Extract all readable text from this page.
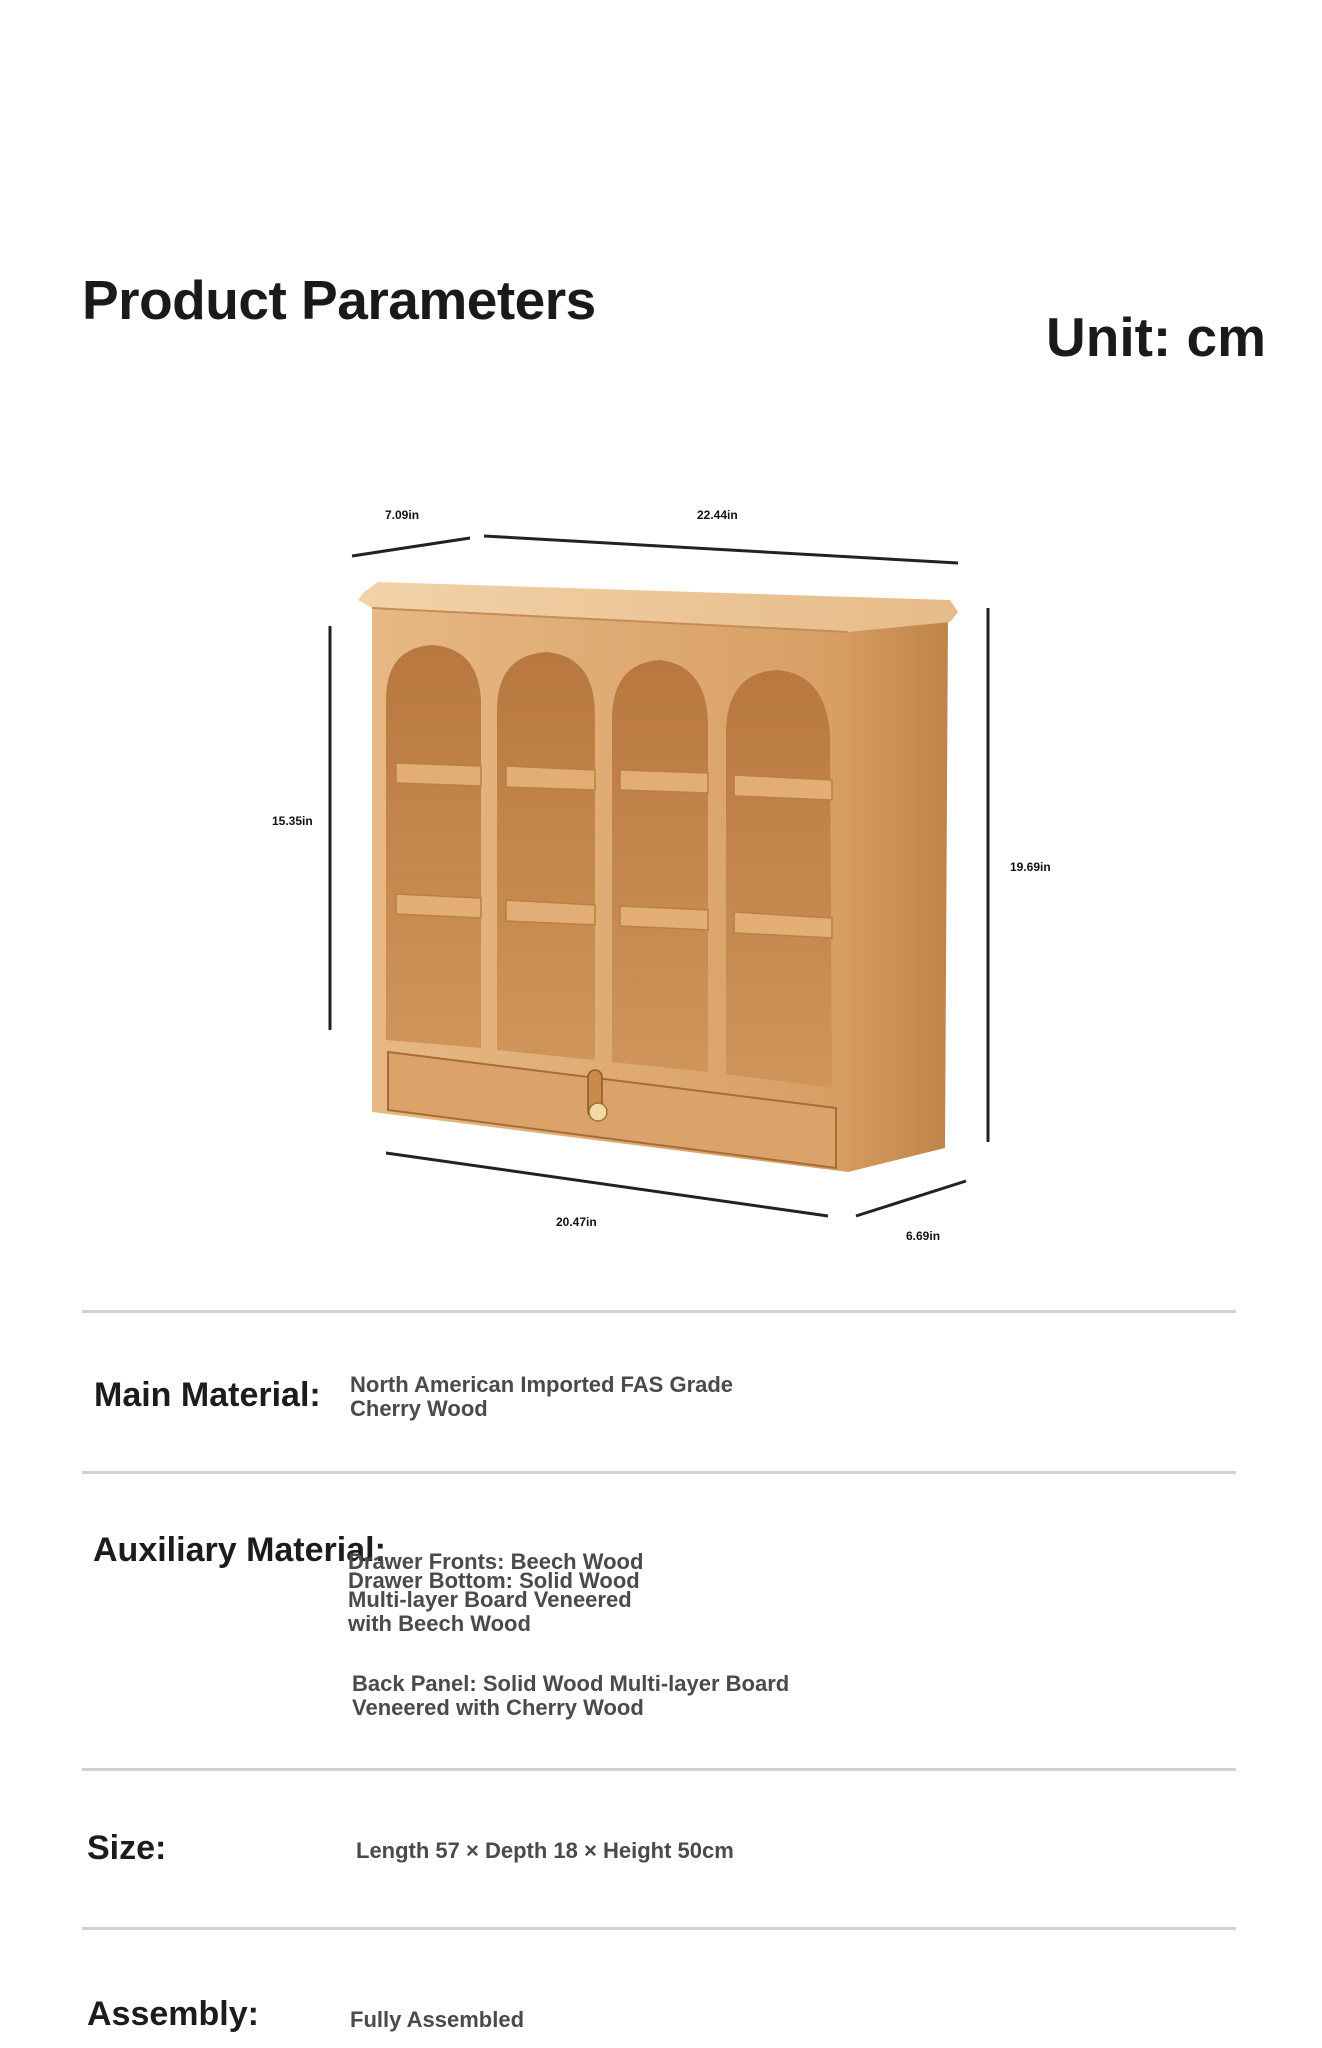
Product Parameters
Unit: cm
7.09in	22.44in
15.35in
19.69in
20.47in
6.69in
Main Material: North American Imported FAS Grade
Cherry Wood
Auxiliary Material:
Drawer Fronts: Beech Wood
Drawer Bottom: Solid Wood
Multi-layer Board Veneered
with Beech Wood
Back Panel: Solid Wood Multi-layer Board
Veneered with Cherry Wood
Size:	Length 57 × Depth 18 × Height 50cm
Assembly:	Fully Assembled
